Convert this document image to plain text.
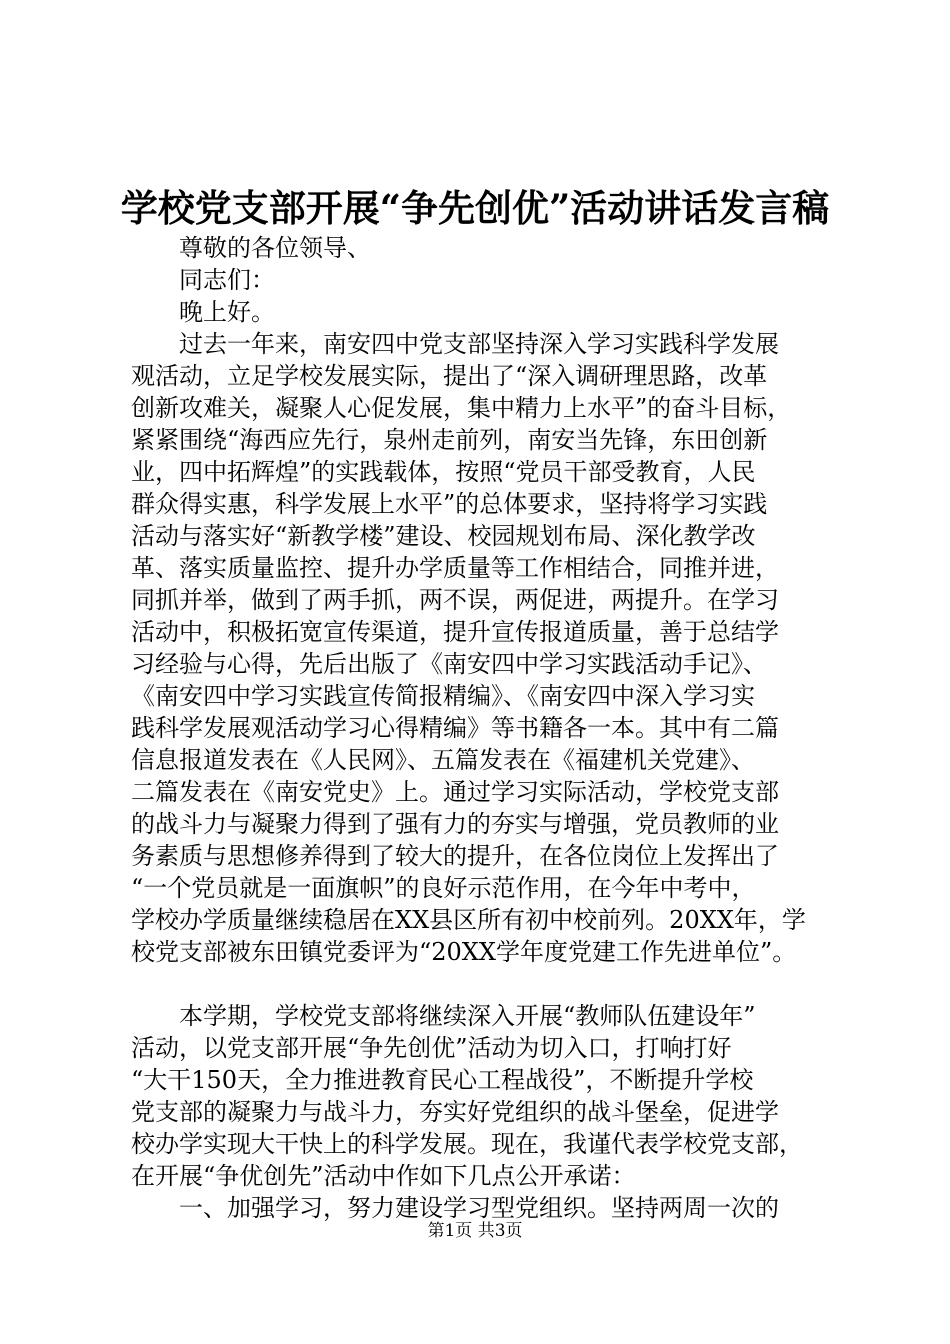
学校党支部开展“争先创优”活动讲话发言稿
尊敬的各位领导、
同志们：
晚上好。
过去一年来，南安四中党支部坚持深入学习实践科学发展
观活动，立足学校发展实际，提出了“深入调研理思路，改革
创新攻难关，凝聚人心促发展，集中精力上水平”的奋斗目标，
紧紧围绕“海西应先行，泉州走前列，南安当先锋，东田创新
业，四中拓辉煌”的实践载体，按照“党员干部受教育，人民
群众得实惠，科学发展上水平”的总体要求，坚持将学习实践
活动与落实好“新教学楼”建设、校园规划布局、深化教学改
革、落实质量监控、提升办学质量等工作相结合，同推并进，
同抓并举，做到了两手抓，两不误，两促进，两提升。在学习
活动中，积极拓宽宣传渠道，提升宣传报道质量，善于总结学
习经验与心得，先后出版了《南安四中学习实践活动手记》、
《南安四中学习实践宣传简报精编》、《南安四中深入学习实
践科学发展观活动学习心得精编》等书籍各一本。其中有二篇
信息报道发表在《人民网》、五篇发表在《福建机关党建》、
二篇发表在《南安党史》上。通过学习实际活动，学校党支部
的战斗力与凝聚力得到了强有力的夯实与增强，党员教师的业
务素质与思想修养得到了较大的提升，在各位岗位上发挥出了
“一个党员就是一面旗帜”的良好示范作用，在今年中考中，
学校办学质量继续稳居在XX县区所有初中校前列。20XX年，学
校党支部被东田镇党委评为“20XX学年度党建工作先进单位”。
本学期，学校党支部将继续深入开展“教师队伍建设年”
活动，以党支部开展“争先创优”活动为切入口，打响打好
“大干150天，全力推进教育民心工程战役”，不断提升学校
党支部的凝聚力与战斗力，夯实好党组织的战斗堡垒，促进学
校办学实现大干快上的科学发展。现在，我谨代表学校党支部，
在开展“争优创先”活动中作如下几点公开承诺：
一、加强学习，努力建设学习型党组织。坚持两周一次的
第1页 共3页
